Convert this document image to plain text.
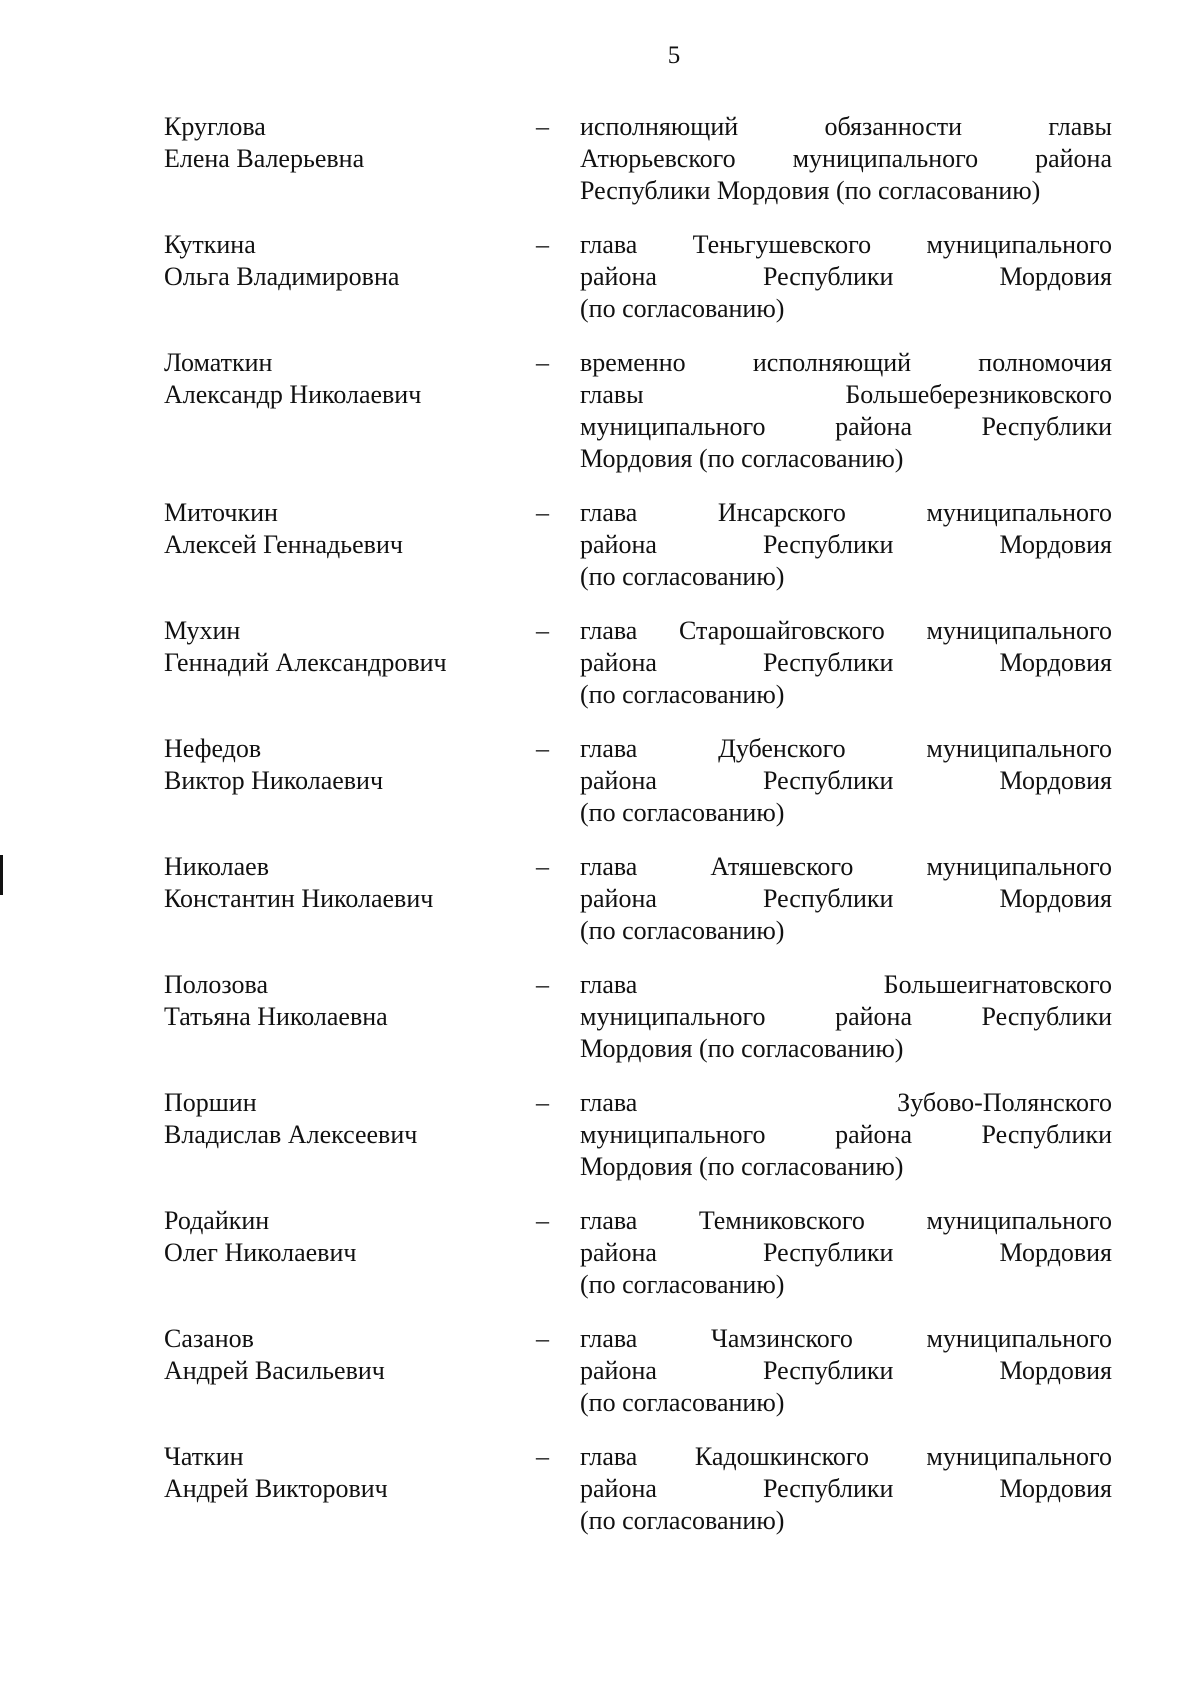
5
Круглова
Елена Валерьевна
–	исполняющий обязанности главы
Атюрьевского муниципального района
Республики Мордовия (по согласованию)
Куткина
Ольга Владимировна
–	глава Теньгушевского муниципального
района Республики Мордовия
(по согласованию)
Ломаткин
Александр Николаевич
–	временно исполняющий полномочия
главы Большеберезниковского
муниципального района Республики
Мордовия (по согласованию)
Миточкин
Алексей Геннадьевич
–	глава Инсарского муниципального
района Республики Мордовия
(по согласованию)
Мухин
Геннадий Александрович
–	глава Старошайговского муниципального
района Республики Мордовия
(по согласованию)
Нефедов
Виктор Николаевич
–	глава Дубенского муниципального
района Республики Мордовия
(по согласованию)
Николаев
Константин Николаевич
–	глава Атяшевского муниципального
района Республики Мордовия
(по согласованию)
Полозова
Татьяна Николаевна
–	глава Большеигнатовского
муниципального района Республики
Мордовия (по согласованию)
Поршин
Владислав Алексеевич
–	глава Зубово-Полянского
муниципального района Республики
Мордовия (по согласованию)
Родайкин
Олег Николаевич
–	глава Темниковского муниципального
района Республики Мордовия
(по согласованию)
Сазанов
Андрей Васильевич
–	глава Чамзинского муниципального
района Республики Мордовия
(по согласованию)
Чаткин
Андрей Викторович
–	глава Кадошкинского муниципального
района Республики Мордовия
(по согласованию)
